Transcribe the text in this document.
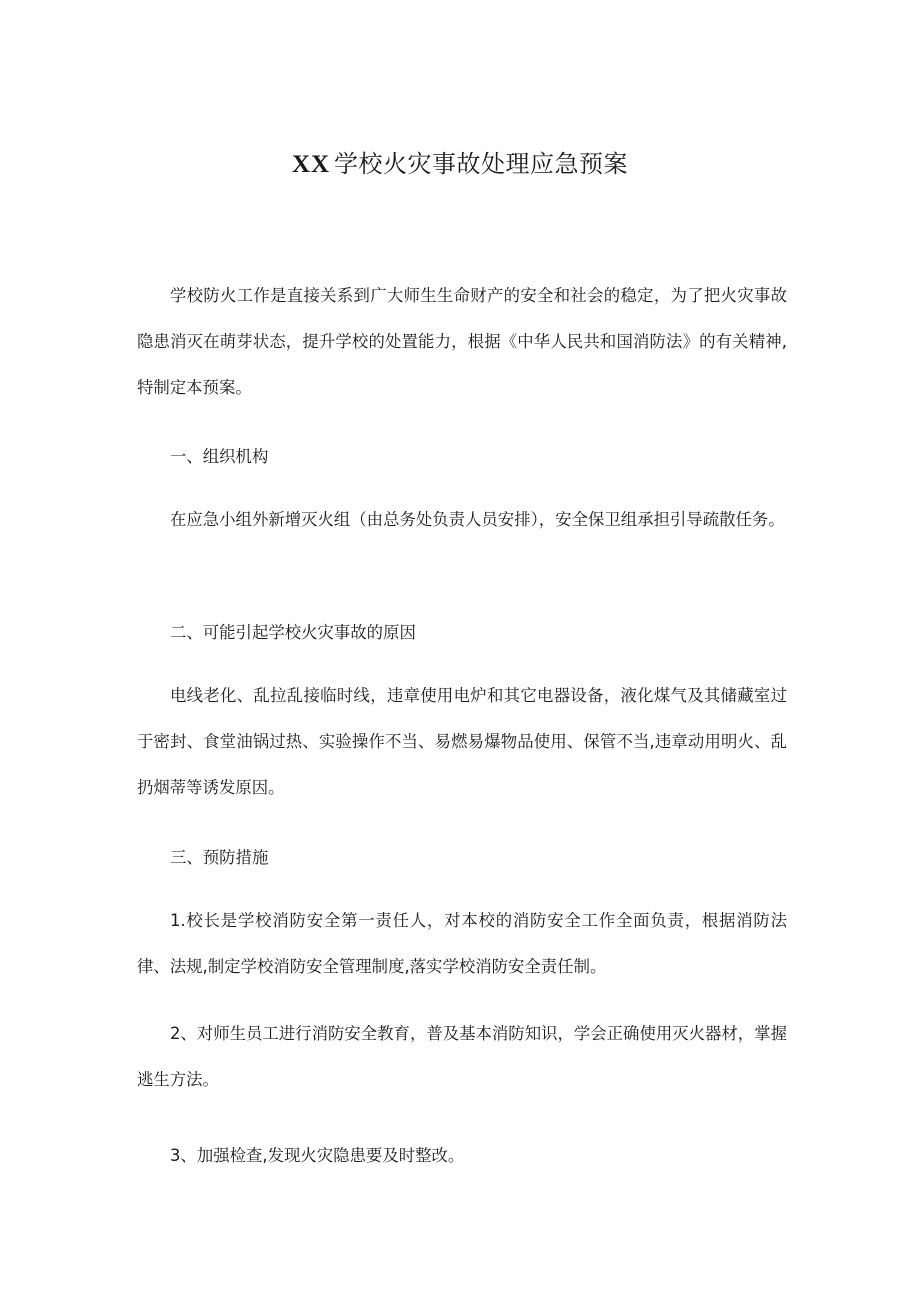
XX 学校火灾事故处理应急预案

学校防火工作是直接关系到广大师生生命财产的安全和社会的稳定，为了把火灾事故隐患消灭在萌芽状态，提升学校的处置能力，根据《中华人民共和国消防法》的有关精神,特制定本预案。

一、组织机构

在应急小组外新增灭火组（由总务处负责人员安排），安全保卫组承担引导疏散任务。

二、可能引起学校火灾事故的原因

电线老化、乱拉乱接临时线，违章使用电炉和其它电器设备，液化煤气及其储藏室过于密封、食堂油锅过热、实验操作不当、易燃易爆物品使用、保管不当,违章动用明火、乱扔烟蒂等诱发原因。

三、预防措施

1.校长是学校消防安全第一责任人，对本校的消防安全工作全面负责，根据消防法律、法规,制定学校消防安全管理制度,落实学校消防安全责任制。

2、对师生员工进行消防安全教育，普及基本消防知识，学会正确使用灭火器材，掌握逃生方法。

3、加强检查,发现火灾隐患要及时整改。
